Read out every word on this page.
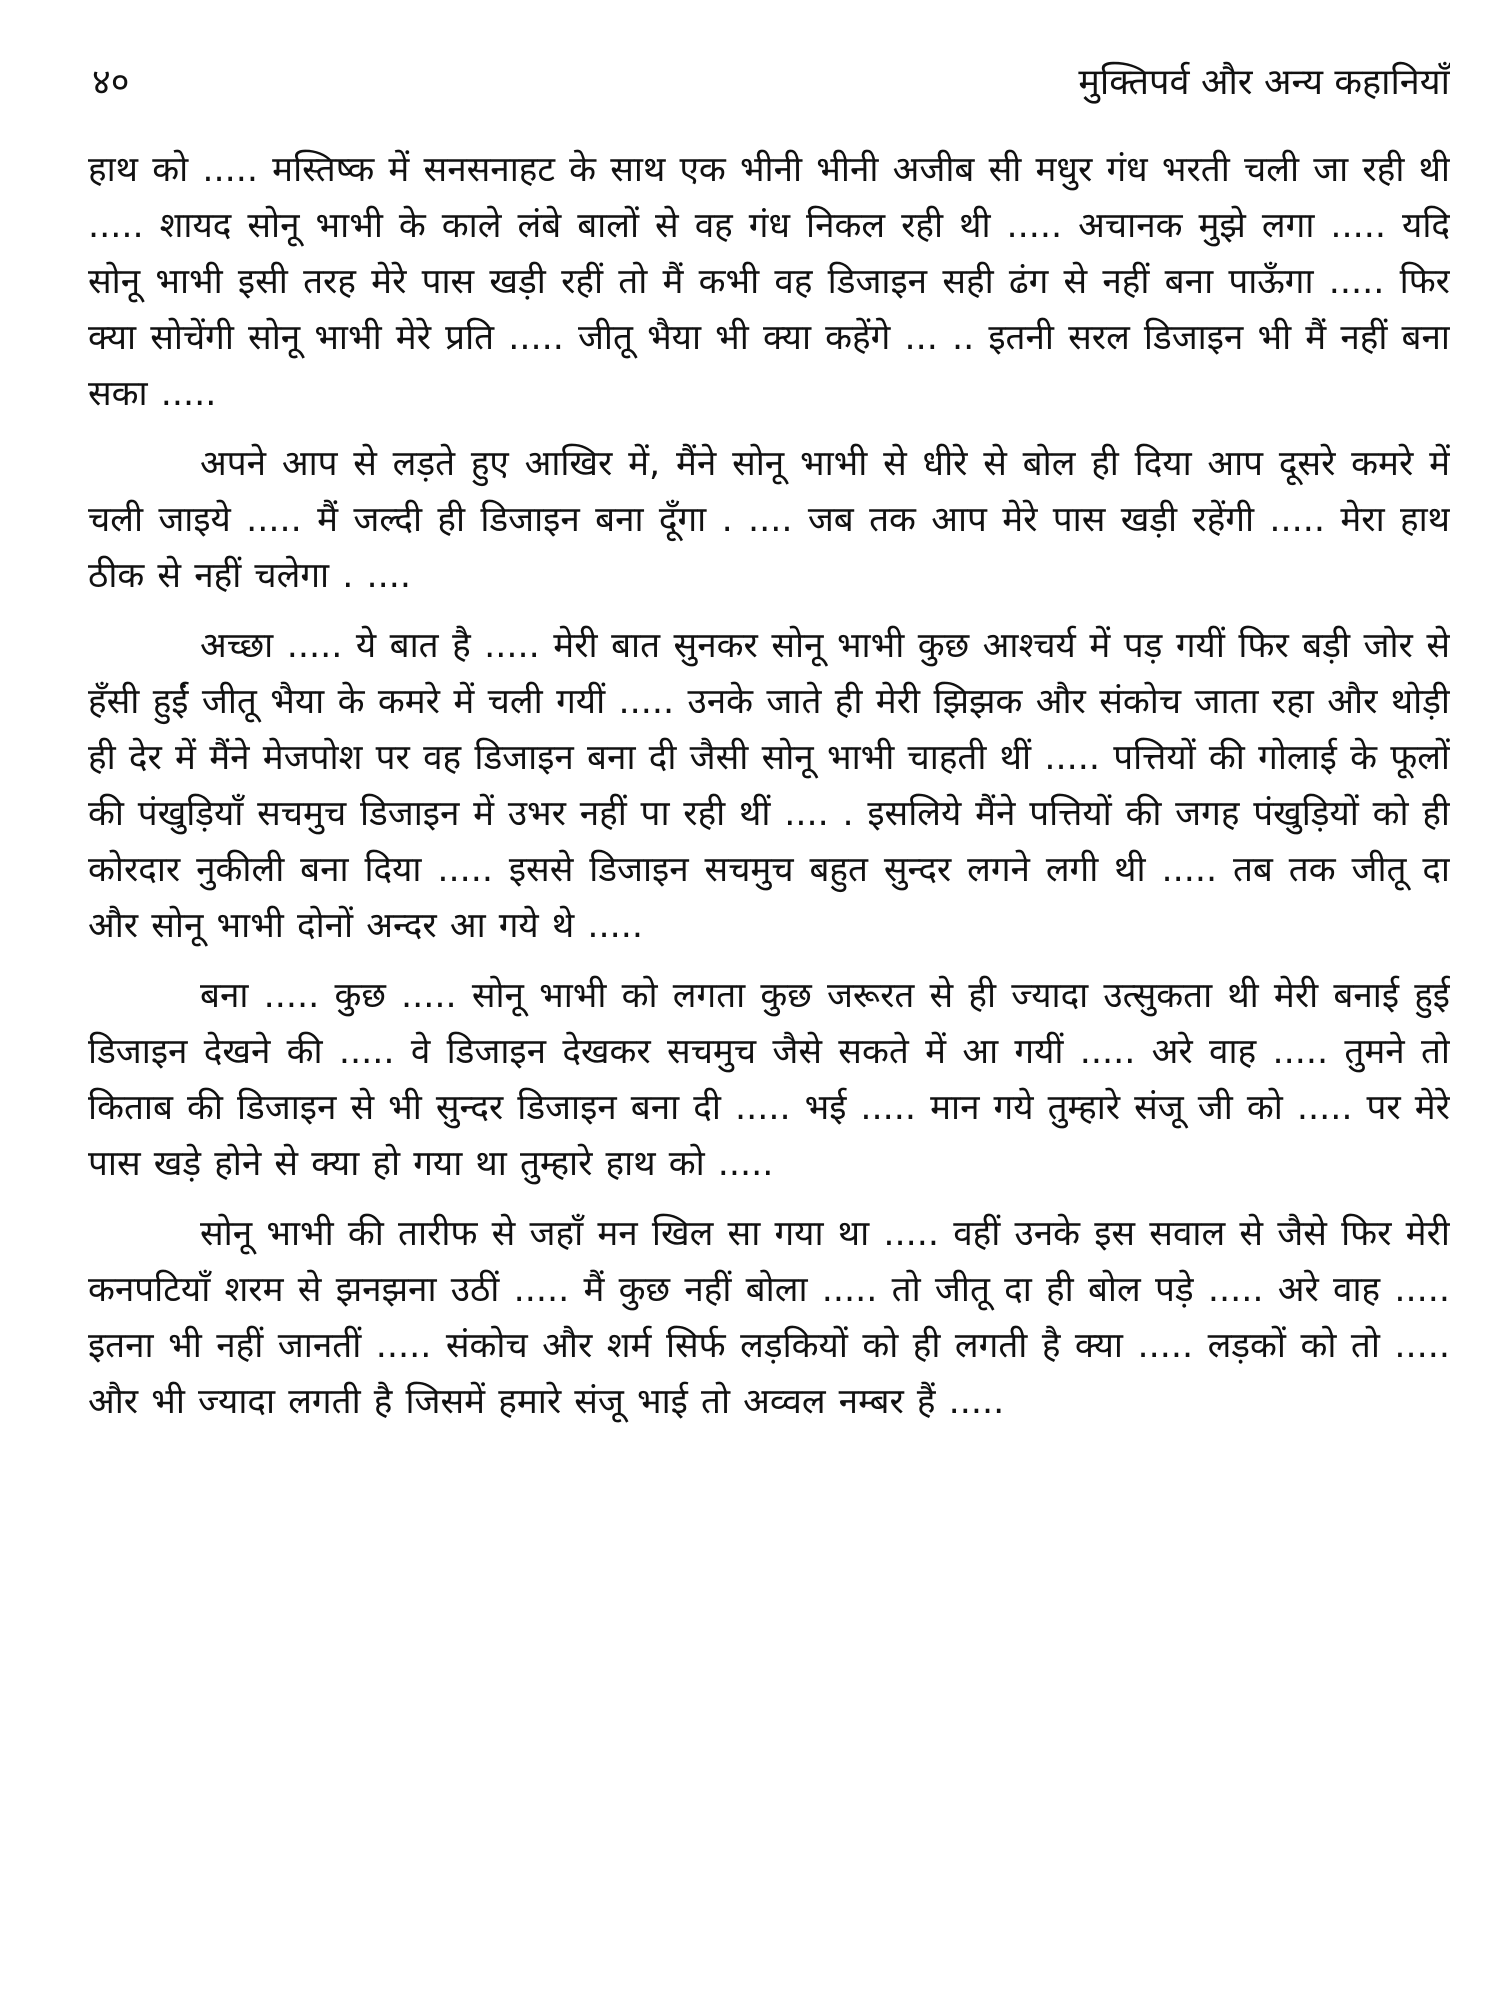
४०	मुक्तिपर्व और अन्य कहानियाँ

हाथ को ..... मस्तिष्क में सनसनाहट के साथ एक भीनी भीनी अजीब सी मधुर गंध भरती चली जा रही थी ..... शायद सोनू भाभी के काले लंबे बालों से वह गंध निकल रही थी ..... अचानक मुझे लगा ..... यदि सोनू भाभी इसी तरह मेरे पास खड़ी रहीं तो मैं कभी वह डिजाइन सही ढंग से नहीं बना पाऊँगा ..... फिर क्या सोचेंगी सोनू भाभी मेरे प्रति ..... जीतू भैया भी क्या कहेंगे ... .. इतनी सरल डिजाइन भी मैं नहीं बना सका .....

अपने आप से लड़ते हुए आखिर में, मैंने सोनू भाभी से धीरे से बोल ही दिया आप दूसरे कमरे में चली जाइये ..... मैं जल्दी ही डिजाइन बना दूँगा . .... जब तक आप मेरे पास खड़ी रहेंगी ..... मेरा हाथ ठीक से नहीं चलेगा . ....

अच्छा ..... ये बात है ..... मेरी बात सुनकर सोनू भाभी कुछ आश्चर्य में पड़ गयीं फिर बड़ी जोर से हँसी हुईं जीतू भैया के कमरे में चली गयीं ..... उनके जाते ही मेरी झिझक और संकोच जाता रहा और थोड़ी ही देर में मैंने मेजपोश पर वह डिजाइन बना दी जैसी सोनू भाभी चाहती थीं ..... पत्तियों की गोलाई के फूलों की पंखुड़ियाँ सचमुच डिजाइन में उभर नहीं पा रही थीं .... . इसलिये मैंने पत्तियों की जगह पंखुड़ियों को ही कोरदार नुकीली बना दिया ..... इससे डिजाइन सचमुच बहुत सुन्दर लगने लगी थी ..... तब तक जीतू दा और सोनू भाभी दोनों अन्दर आ गये थे .....

बना ..... कुछ ..... सोनू भाभी को लगता कुछ जरूरत से ही ज्यादा उत्सुकता थी मेरी बनाई हुई डिजाइन देखने की ..... वे डिजाइन देखकर सचमुच जैसे सकते में आ गयीं ..... अरे वाह ..... तुमने तो किताब की डिजाइन से भी सुन्दर डिजाइन बना दी ..... भई ..... मान गये तुम्हारे संजू जी को ..... पर मेरे पास खड़े होने से क्या हो गया था तुम्हारे हाथ को .....

सोनू भाभी की तारीफ से जहाँ मन खिल सा गया था ..... वहीं उनके इस सवाल से जैसे फिर मेरी कनपटियाँ शरम से झनझना उठीं ..... मैं कुछ नहीं बोला ..... तो जीतू दा ही बोल पड़े ..... अरे वाह ..... इतना भी नहीं जानतीं ..... संकोच और शर्म सिर्फ लड़कियों को ही लगती है क्या ..... लड़कों को तो ..... और भी ज्यादा लगती है जिसमें हमारे संजू भाई तो अव्वल नम्बर हैं .....
